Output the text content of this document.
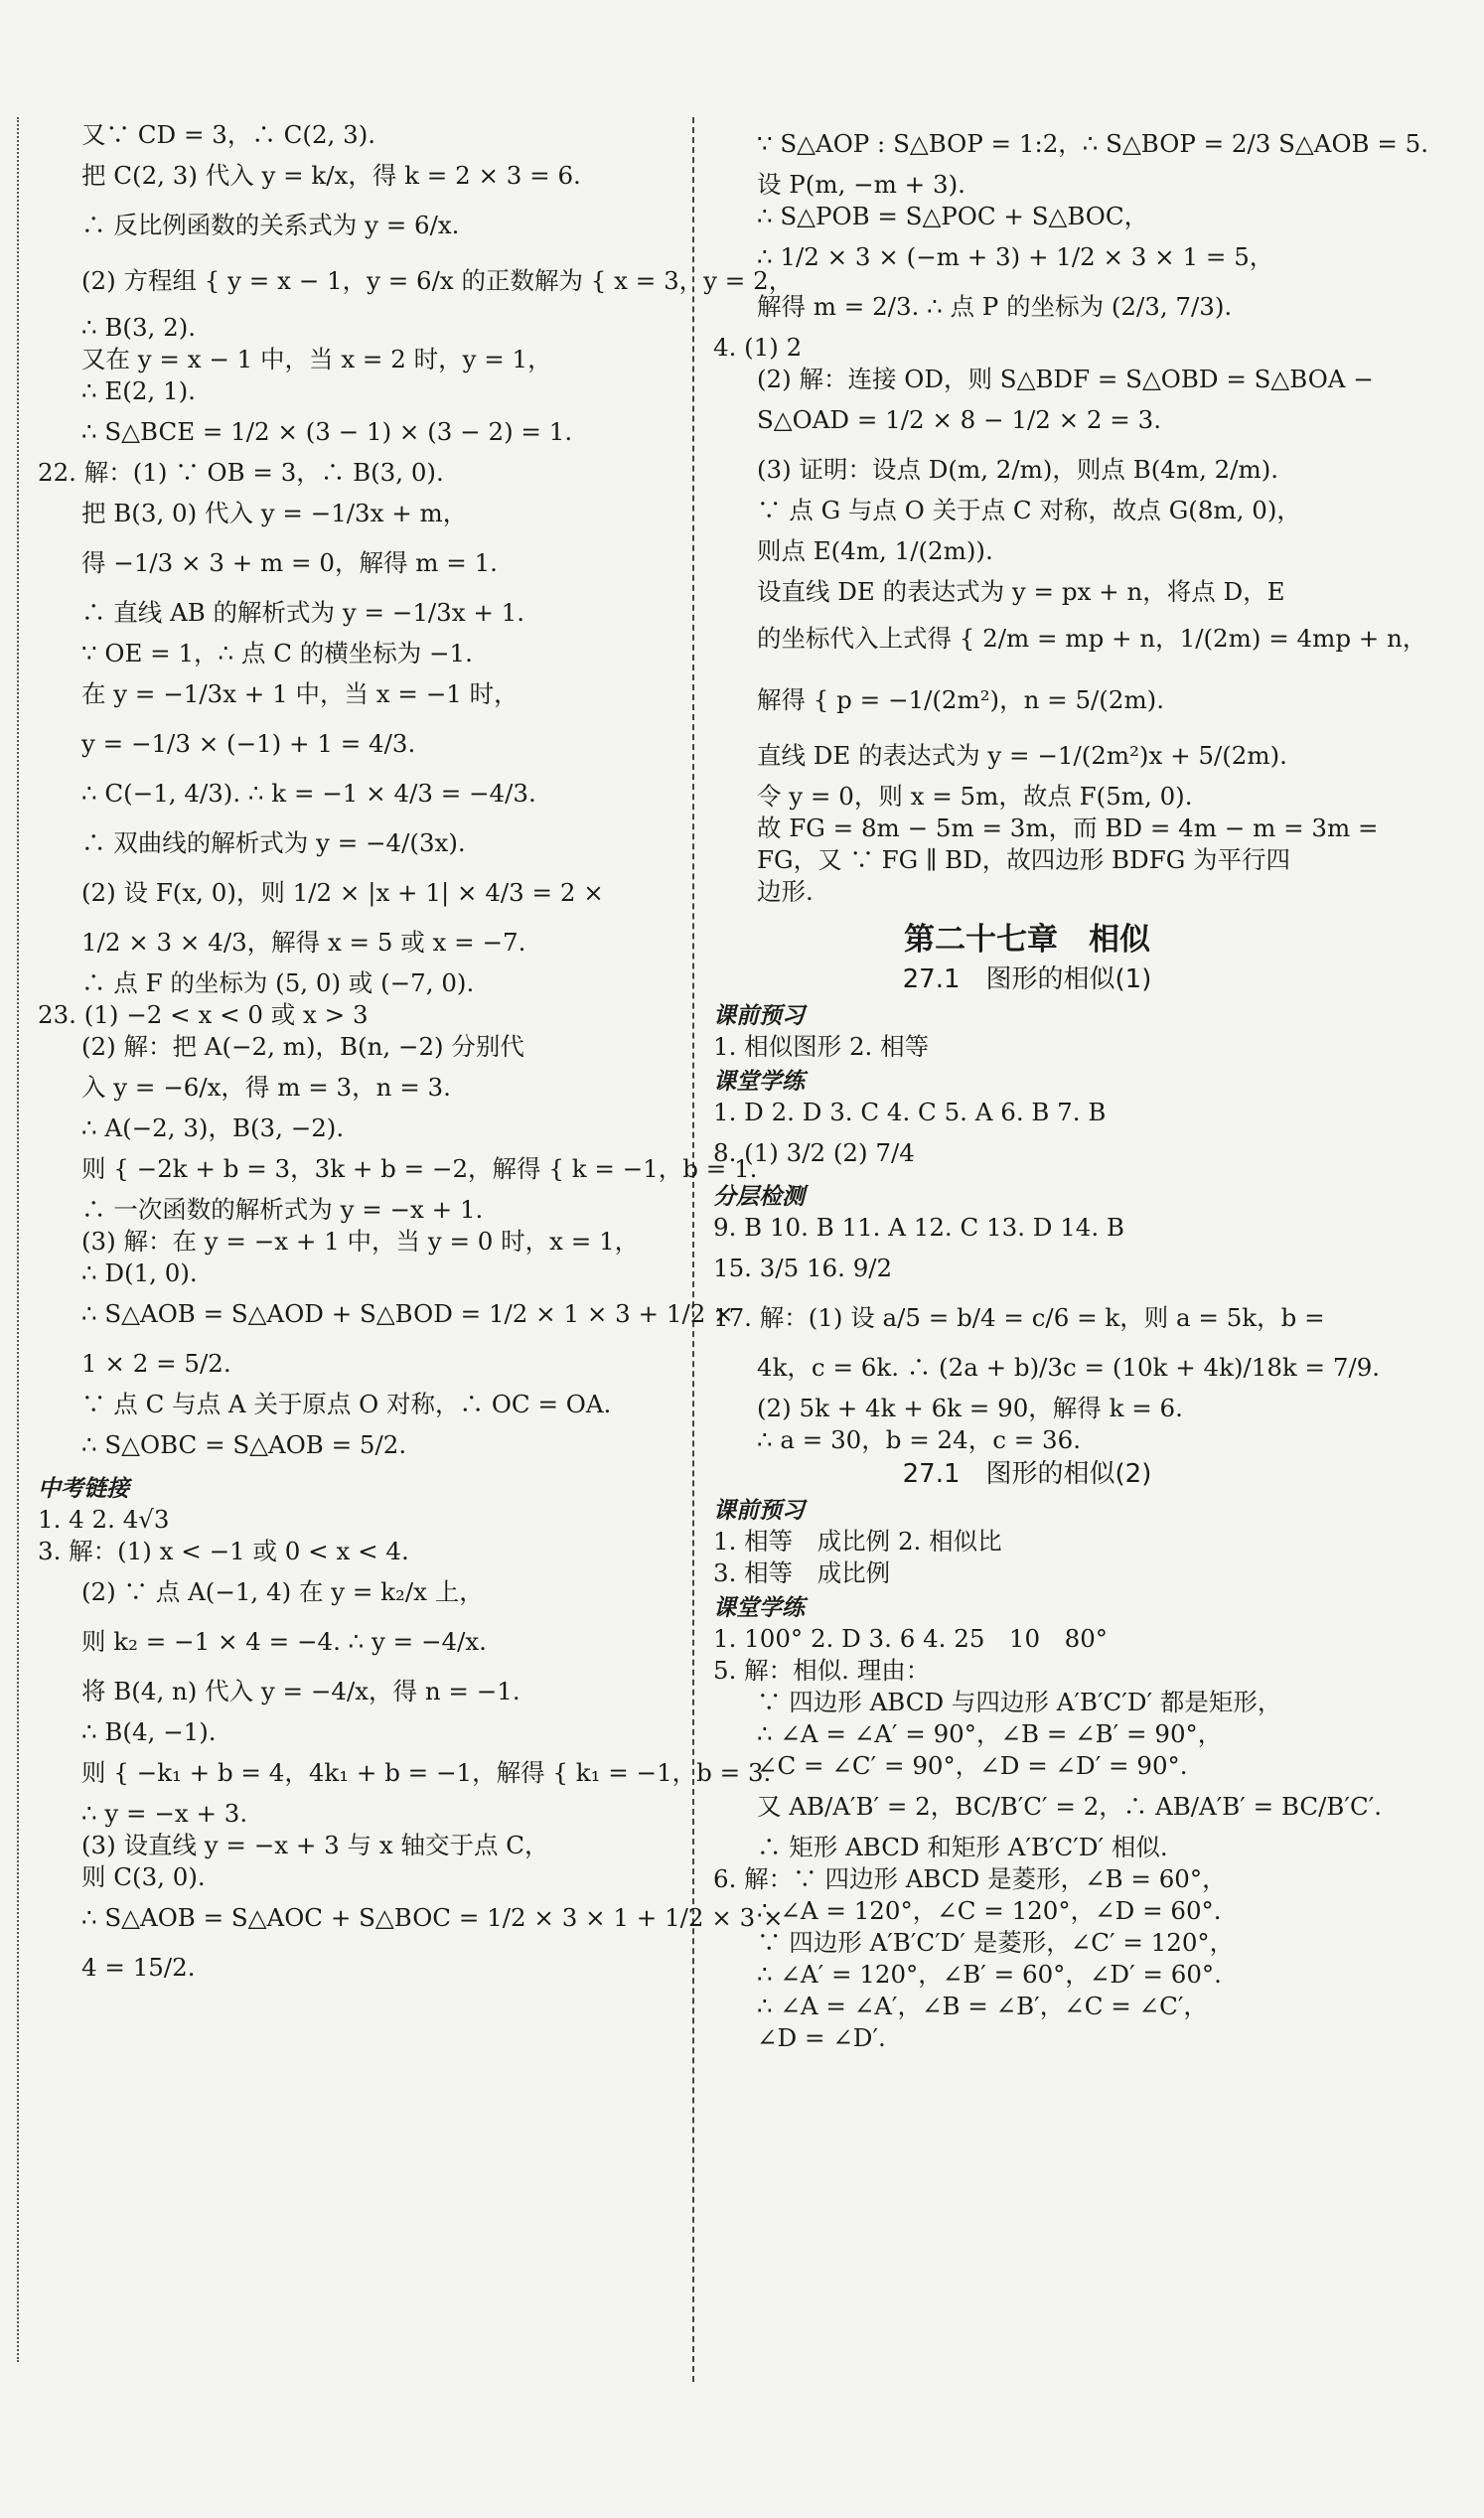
又∵ CD = 3，∴ C(2, 3).
把 C(2, 3) 代入 y = k/x，得 k = 2 × 3 = 6.
∴ 反比例函数的关系式为 y = 6/x.
(2) 方程组 { y = x − 1，y = 6/x 的正数解为 { x = 3，y = 2，
∴ B(3, 2).
又在 y = x − 1 中，当 x = 2 时，y = 1，
∴ E(2, 1).
∴ S△BCE = 1/2 × (3 − 1) × (3 − 2) = 1.
22. 解：(1) ∵ OB = 3，∴ B(3, 0).
把 B(3, 0) 代入 y = −1/3x + m，
得 −1/3 × 3 + m = 0，解得 m = 1.
∴ 直线 AB 的解析式为 y = −1/3x + 1.
∵ OE = 1，∴ 点 C 的横坐标为 −1.
在 y = −1/3x + 1 中，当 x = −1 时，
y = −1/3 × (−1) + 1 = 4/3.
∴ C(−1, 4/3). ∴ k = −1 × 4/3 = −4/3.
∴ 双曲线的解析式为 y = −4/(3x).
(2) 设 F(x, 0)，则 1/2 × |x + 1| × 4/3 = 2 ×
1/2 × 3 × 4/3，解得 x = 5 或 x = −7.
∴ 点 F 的坐标为 (5, 0) 或 (−7, 0).
23. (1) −2 < x < 0 或 x > 3
(2) 解：把 A(−2, m)，B(n, −2) 分别代
入 y = −6/x，得 m = 3，n = 3.
∴ A(−2, 3)，B(3, −2).
则 { −2k + b = 3，3k + b = −2，解得 { k = −1，b = 1.
∴ 一次函数的解析式为 y = −x + 1.
(3) 解：在 y = −x + 1 中，当 y = 0 时，x = 1，
∴ D(1, 0).
∴ S△AOB = S△AOD + S△BOD = 1/2 × 1 × 3 + 1/2 ×
1 × 2 = 5/2.
∵ 点 C 与点 A 关于原点 O 对称，∴ OC = OA.
∴ S△OBC = S△AOB = 5/2.
中考链接
1. 4 2. 4√3
3. 解：(1) x < −1 或 0 < x < 4.
(2) ∵ 点 A(−1, 4) 在 y = k₂/x 上，
则 k₂ = −1 × 4 = −4. ∴ y = −4/x.
将 B(4, n) 代入 y = −4/x，得 n = −1.
∴ B(4, −1).
则 { −k₁ + b = 4，4k₁ + b = −1，解得 { k₁ = −1，b = 3.
∴ y = −x + 3.
(3) 设直线 y = −x + 3 与 x 轴交于点 C，
则 C(3, 0).
∴ S△AOB = S△AOC + S△BOC = 1/2 × 3 × 1 + 1/2 × 3 ×
4 = 15/2.
∵ S△AOP : S△BOP = 1:2，∴ S△BOP = 2/3 S△AOB = 5.
设 P(m, −m + 3).
∴ S△POB = S△POC + S△BOC，
∴ 1/2 × 3 × (−m + 3) + 1/2 × 3 × 1 = 5，
解得 m = 2/3. ∴ 点 P 的坐标为 (2/3, 7/3).
4. (1) 2
(2) 解：连接 OD，则 S△BDF = S△OBD = S△BOA −
S△OAD = 1/2 × 8 − 1/2 × 2 = 3.
(3) 证明：设点 D(m, 2/m)，则点 B(4m, 2/m).
∵ 点 G 与点 O 关于点 C 对称，故点 G(8m, 0)，
则点 E(4m, 1/(2m)).
设直线 DE 的表达式为 y = px + n，将点 D，E
的坐标代入上式得 { 2/m = mp + n，1/(2m) = 4mp + n，
解得 { p = −1/(2m²)，n = 5/(2m).
直线 DE 的表达式为 y = −1/(2m²)x + 5/(2m).
令 y = 0，则 x = 5m，故点 F(5m, 0).
故 FG = 8m − 5m = 3m，而 BD = 4m − m = 3m =
FG，又 ∵ FG ∥ BD，故四边形 BDFG 为平行四
边形.
第二十七章　相似
27.1　图形的相似(1)
课前预习
1. 相似图形 2. 相等
课堂学练
1. D 2. D 3. C 4. C 5. A 6. B 7. B
8. (1) 3/2 (2) 7/4
分层检测
9. B 10. B 11. A 12. C 13. D 14. B
15. 3/5 16. 9/2
17. 解：(1) 设 a/5 = b/4 = c/6 = k，则 a = 5k，b =
4k，c = 6k. ∴ (2a + b)/3c = (10k + 4k)/18k = 7/9.
(2) 5k + 4k + 6k = 90，解得 k = 6.
∴ a = 30，b = 24，c = 36.
27.1　图形的相似(2)
课前预习
1. 相等　成比例 2. 相似比
3. 相等　成比例
课堂学练
1. 100° 2. D 3. 6 4. 25　10　80°
5. 解：相似. 理由：
∵ 四边形 ABCD 与四边形 A′B′C′D′ 都是矩形，
∴ ∠A = ∠A′ = 90°，∠B = ∠B′ = 90°，
∠C = ∠C′ = 90°，∠D = ∠D′ = 90°.
又 AB/A′B′ = 2，BC/B′C′ = 2，∴ AB/A′B′ = BC/B′C′.
∴ 矩形 ABCD 和矩形 A′B′C′D′ 相似.
6. 解：∵ 四边形 ABCD 是菱形，∠B = 60°，
∴ ∠A = 120°，∠C = 120°，∠D = 60°.
∵ 四边形 A′B′C′D′ 是菱形，∠C′ = 120°，
∴ ∠A′ = 120°，∠B′ = 60°，∠D′ = 60°.
∴ ∠A = ∠A′，∠B = ∠B′，∠C = ∠C′，
∠D = ∠D′.
